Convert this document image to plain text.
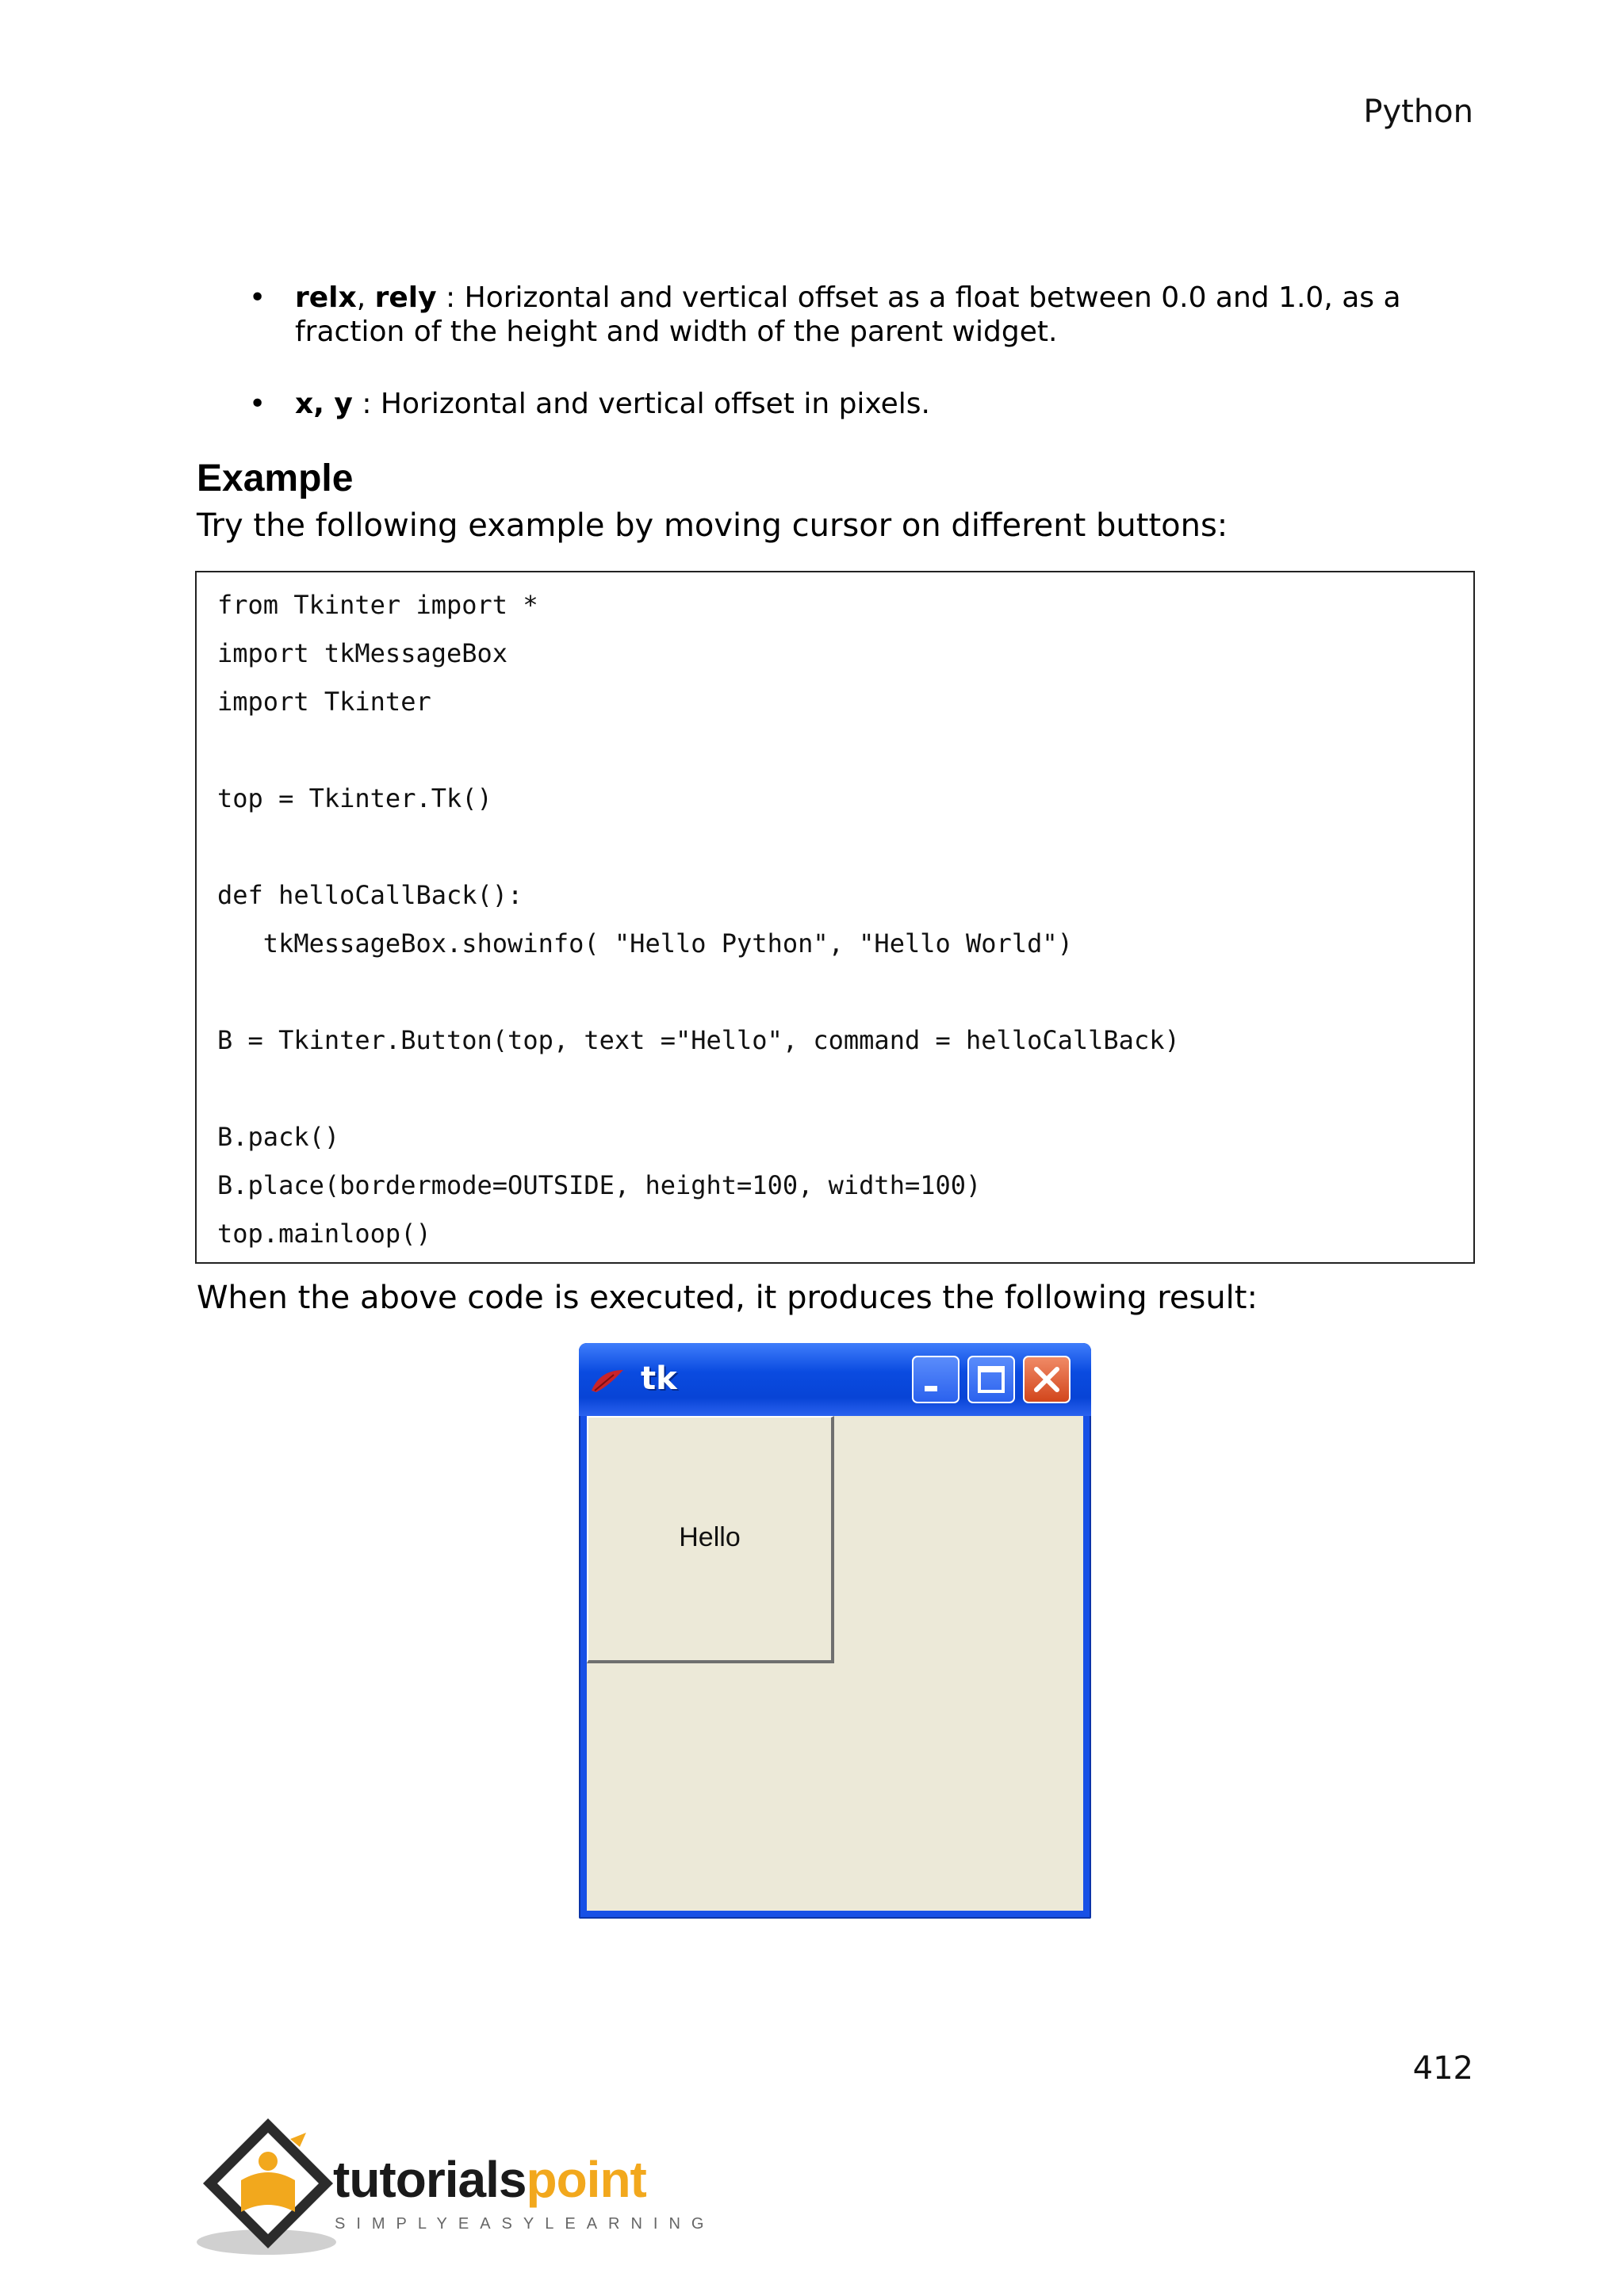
Python
• relx, rely : Horizontal and vertical offset as a float between 0.0 and 1.0, as a fraction of the height and width of the parent widget.
• x, y : Horizontal and vertical offset in pixels.
Example

Try the following example by moving cursor on different buttons:

from Tkinter import *
import tkMessageBox
import Tkinter
top = Tkinter.Tk()
def helloCallBack():
tkMessageBox.showinfo( "Hello Python", "Hello World")
B = Tkinter.Button(top, text ="Hello", command = helloCallBack)
B.pack()
B.place(bordermode=OUTSIDE, height=100, width=100)
top.mainloop()

When the above code is executed, it produces the following result:

tk
Hello
412
tutorialspoint
SIMPLYEASYLEARNING
